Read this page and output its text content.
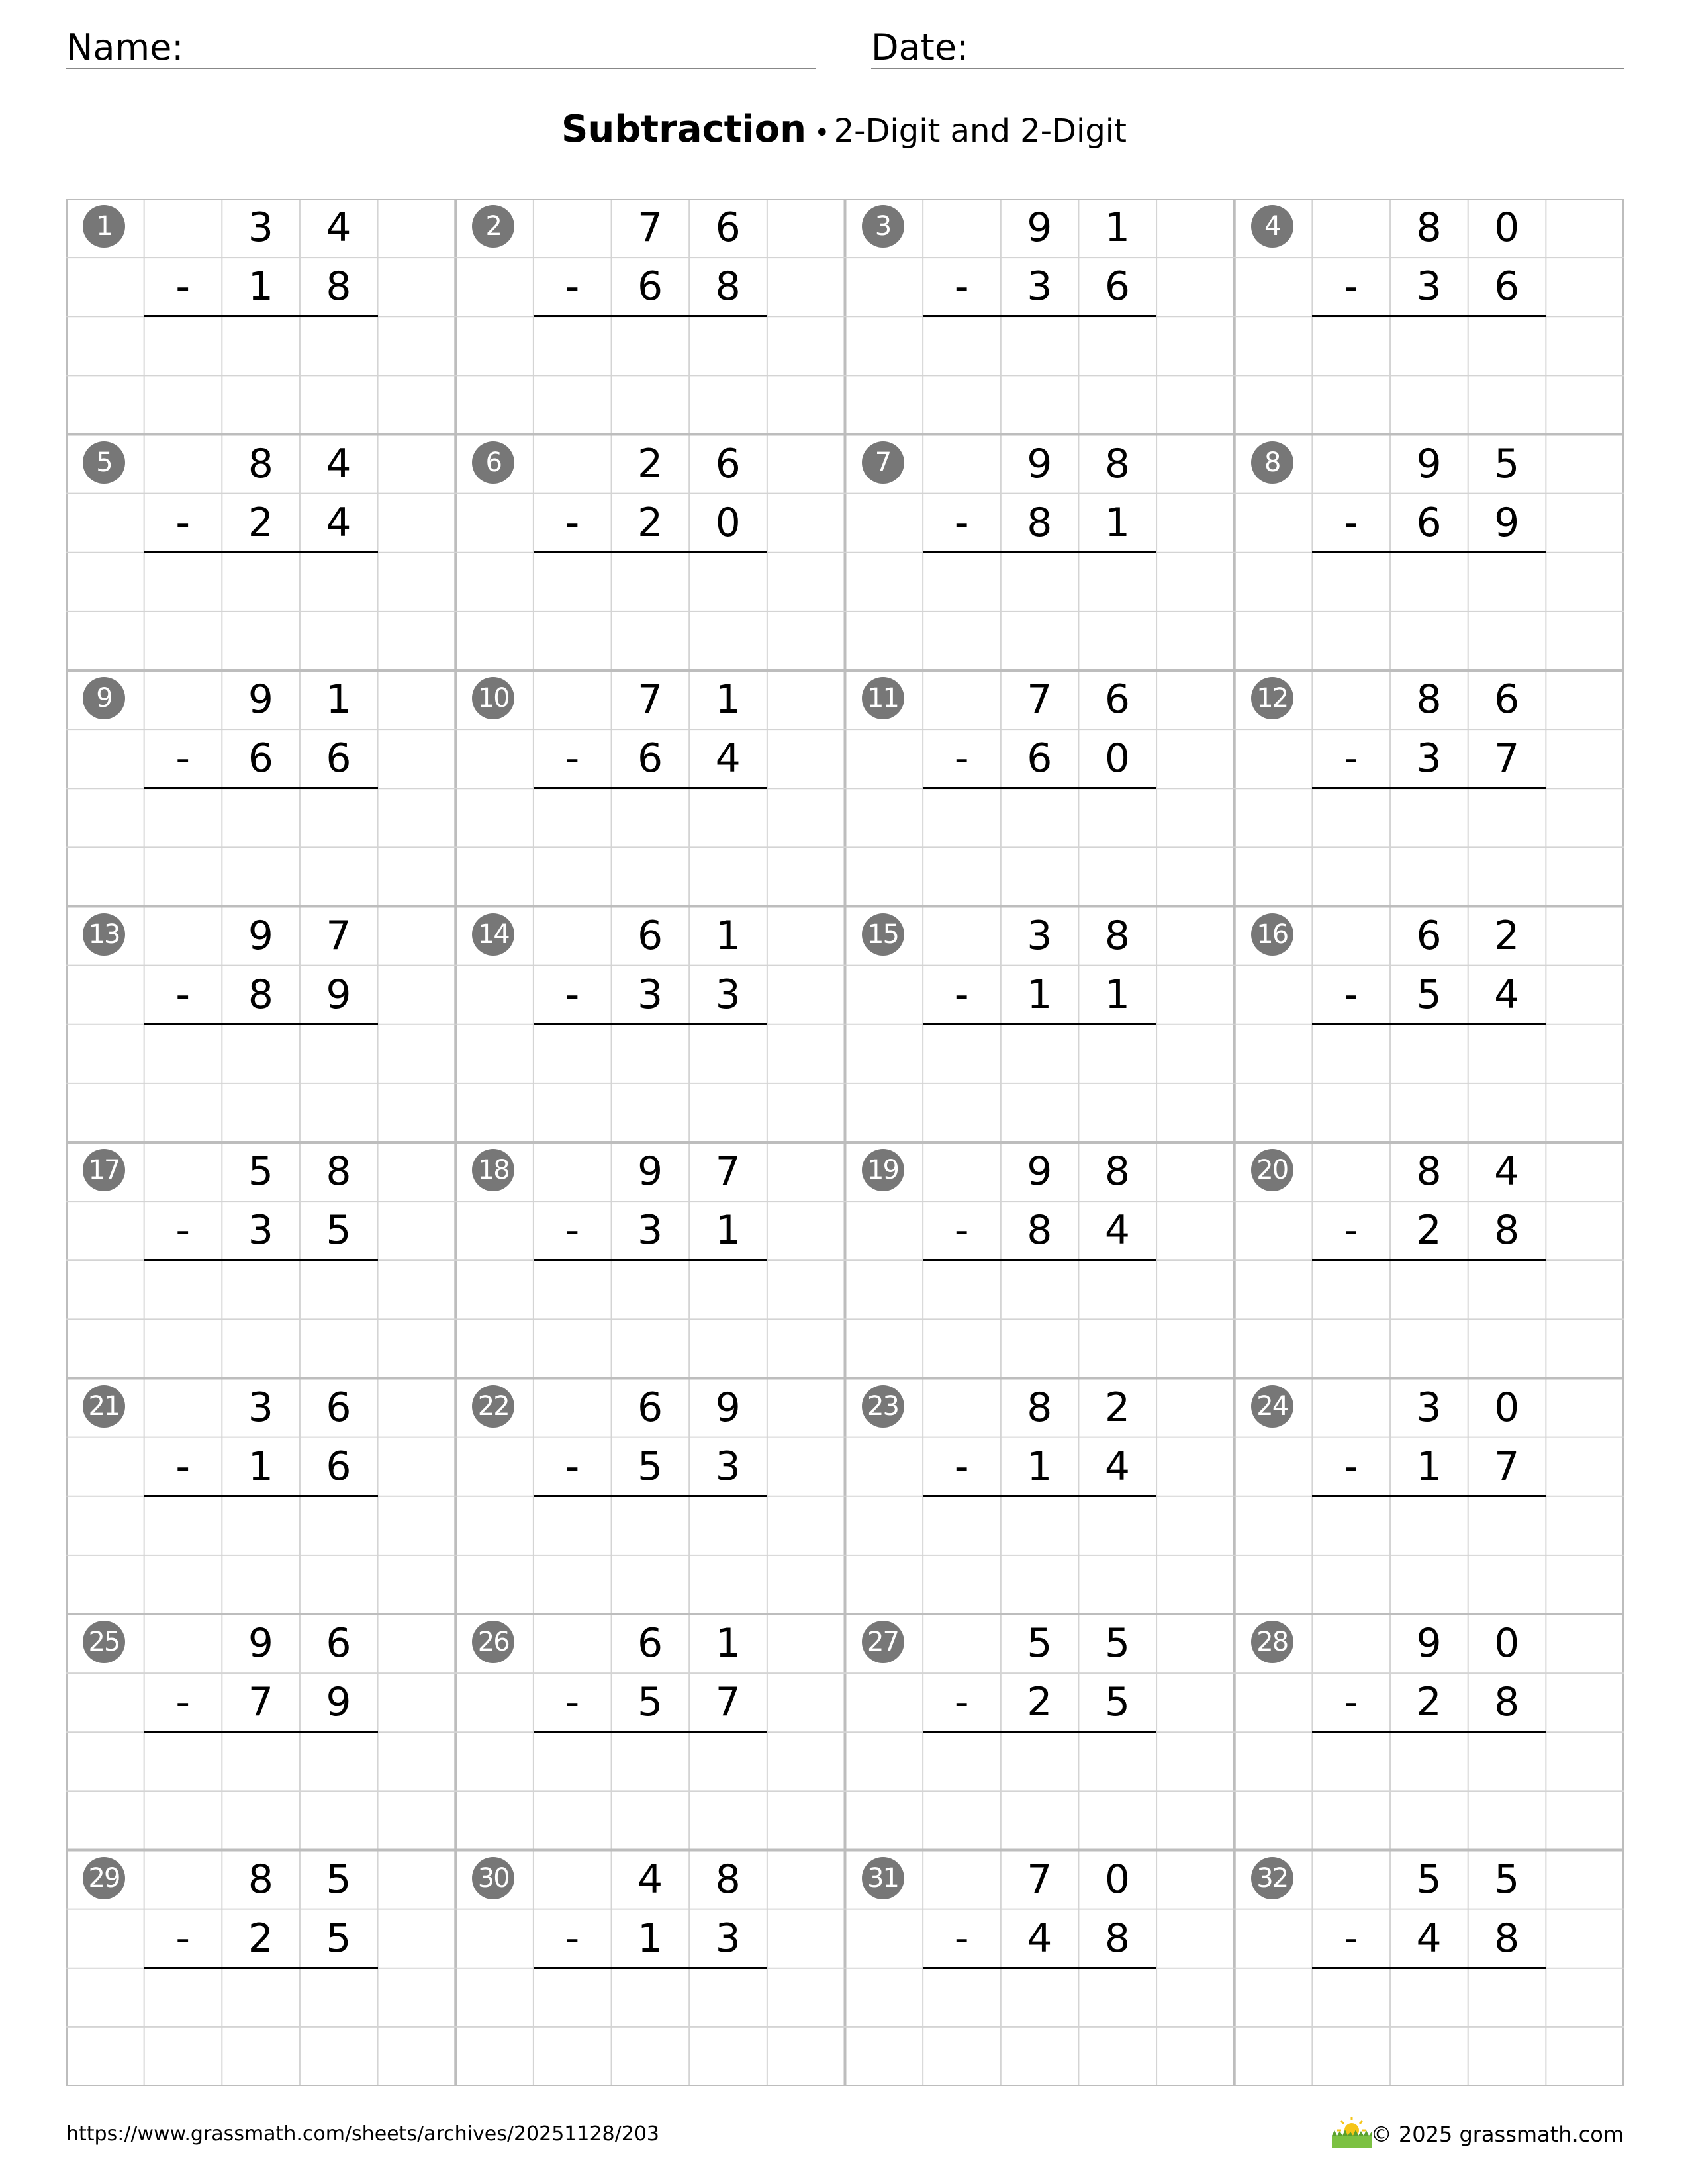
Name:	Date:
Subtraction • 2-Digit and 2-Digit
1	3	4
-	1	8
2	7	6
-	6	8
3	9	1
-	3	6
4	8	0
-	3	6
5	8	4
-	2	4
6	2	6
-	2	0
7	9	8
-	8	1
8	9	5
-	6	9
9	9	1
-	6	6
10	7	1
-	6	4
11	7	6
-	6	0
12	8	6
-	3	7
13	9	7
-	8	9
14	6	1
-	3	3
15	3	8
-	1	1
16	6	2
-	5	4
17	5	8
-	3	5
18	9	7
-	3	1
19	9	8
-	8	4
20	8	4
-	2	8
21	3	6
-	1	6
22	6	9
-	5	3
23	8	2
-	1	4
24	3	0
-	1	7
25	9	6
-	7	9
26	6	1
-	5	7
27	5	5
-	2	5
28	9	0
-	2	8
29	8	5
-	2	5
30	4	8
-	1	3
31	7	0
-	4	8
32	5	5
-	4	8
https://www.grassmath.com/sheets/archives/20251128/203	© 2025 grassmath.com
